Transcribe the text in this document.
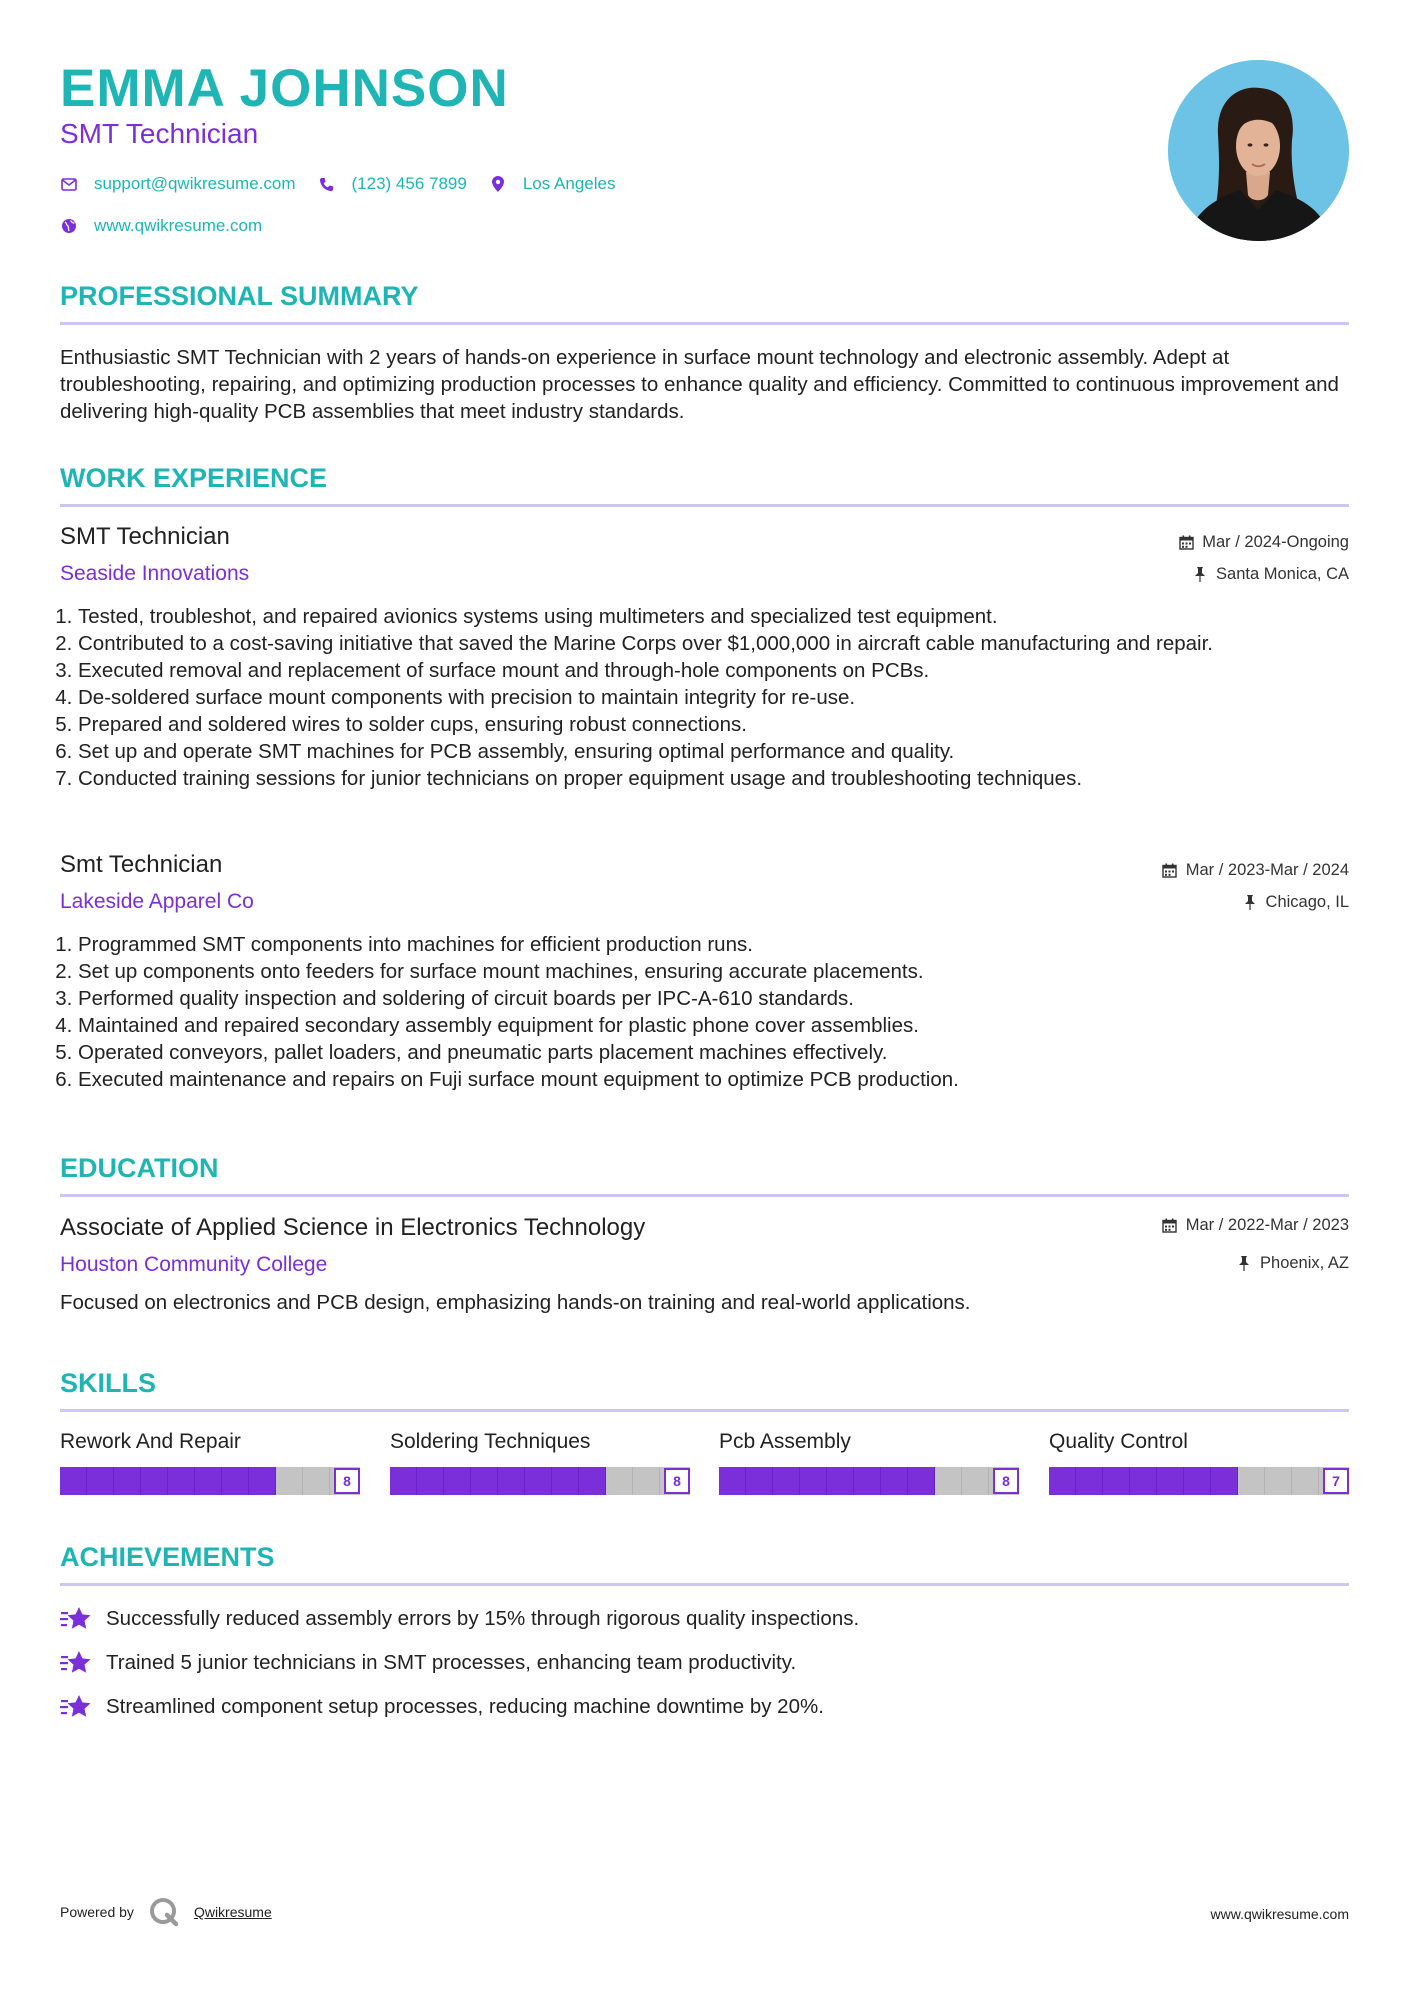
EMMA JOHNSON
SMT Technician
support@qwikresume.com	(123) 456 7899	Los Angeles
www.qwikresume.com
PROFESSIONAL SUMMARY
Enthusiastic SMT Technician with 2 years of hands-on experience in surface mount technology and electronic assembly. Adept at troubleshooting, repairing, and optimizing production processes to enhance quality and efficiency. Committed to continuous improvement and delivering high-quality PCB assemblies that meet industry standards.
WORK EXPERIENCE
SMT Technician	Mar / 2024-Ongoing
Seaside Innovations	Santa Monica, CA
1. Tested, troubleshot, and repaired avionics systems using multimeters and specialized test equipment.
2. Contributed to a cost-saving initiative that saved the Marine Corps over $1,000,000 in aircraft cable manufacturing and repair.
3. Executed removal and replacement of surface mount and through-hole components on PCBs.
4. De-soldered surface mount components with precision to maintain integrity for re-use.
5. Prepared and soldered wires to solder cups, ensuring robust connections.
6. Set up and operate SMT machines for PCB assembly, ensuring optimal performance and quality.
7. Conducted training sessions for junior technicians on proper equipment usage and troubleshooting techniques.
Smt Technician	Mar / 2023-Mar / 2024
Lakeside Apparel Co	Chicago, IL
1. Programmed SMT components into machines for efficient production runs.
2. Set up components onto feeders for surface mount machines, ensuring accurate placements.
3. Performed quality inspection and soldering of circuit boards per IPC-A-610 standards.
4. Maintained and repaired secondary assembly equipment for plastic phone cover assemblies.
5. Operated conveyors, pallet loaders, and pneumatic parts placement machines effectively.
6. Executed maintenance and repairs on Fuji surface mount equipment to optimize PCB production.
EDUCATION
Associate of Applied Science in Electronics Technology	Mar / 2022-Mar / 2023
Houston Community College	Phoenix, AZ
Focused on electronics and PCB design, emphasizing hands-on training and real-world applications.
SKILLS
Rework And Repair
8
Soldering Techniques
8
Pcb Assembly
8
Quality Control
7
ACHIEVEMENTS
Successfully reduced assembly errors by 15% through rigorous quality inspections.
Trained 5 junior technicians in SMT processes, enhancing team productivity.
Streamlined component setup processes, reducing machine downtime by 20%.
Powered by	Qwikresume	www.qwikresume.com
